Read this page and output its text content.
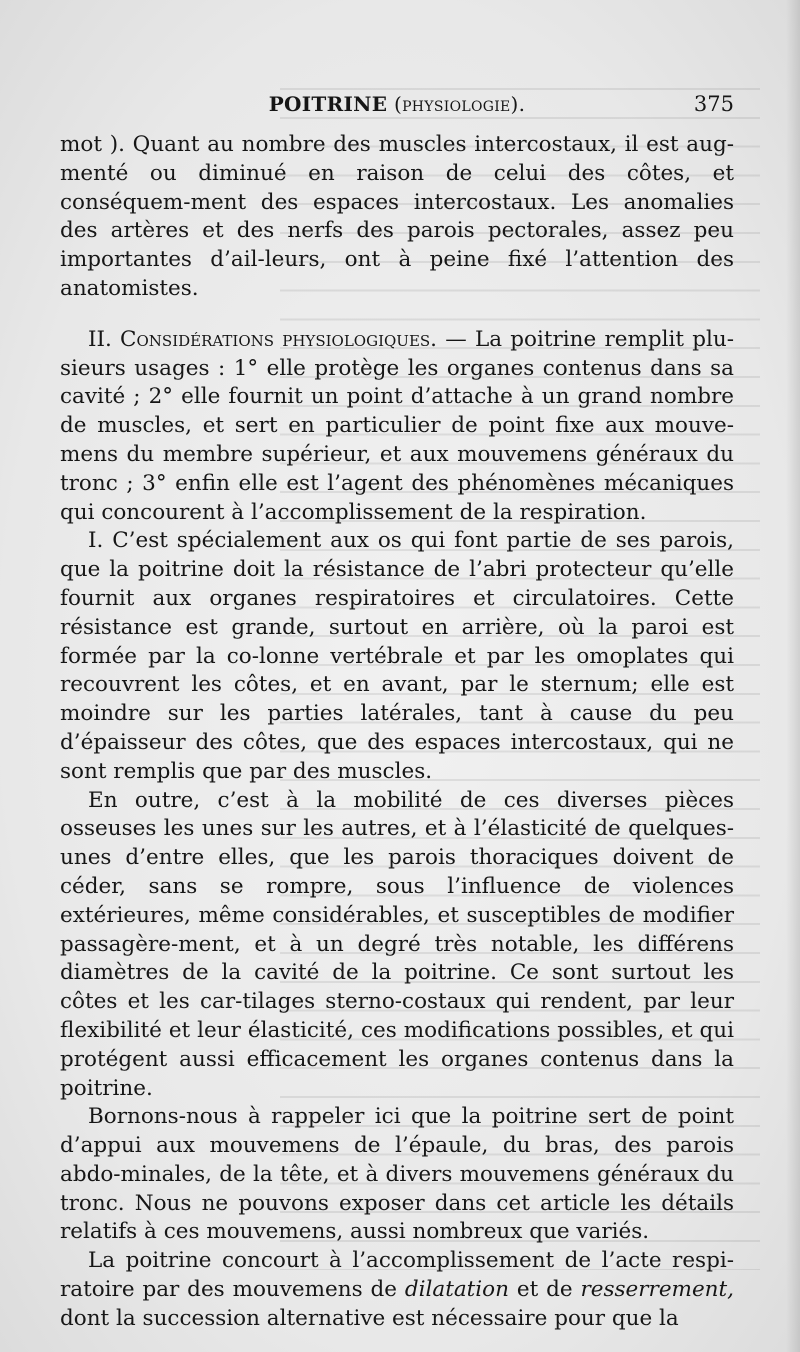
POITRINE (physiologie).	375

mot ). Quant au nombre des muscles intercostaux, il est aug-menté ou diminué en raison de celui des côtes, et conséquem-ment des espaces intercostaux. Les anomalies des artères et des nerfs des parois pectorales, assez peu importantes d’ail-leurs, ont à peine fixé l’attention des anatomistes.

II. Considérations physiologiques. — La poitrine remplit plu-sieurs usages : 1° elle protège les organes contenus dans sa cavité ; 2° elle fournit un point d’attache à un grand nombre de muscles, et sert en particulier de point fixe aux mouve-mens du membre supérieur, et aux mouvemens généraux du tronc ; 3° enfin elle est l’agent des phénomènes mécaniques qui concourent à l’accomplissement de la respiration.

I. C’est spécialement aux os qui font partie de ses parois, que la poitrine doit la résistance de l’abri protecteur qu’elle fournit aux organes respiratoires et circulatoires. Cette résistance est grande, surtout en arrière, où la paroi est formée par la co-lonne vertébrale et par les omoplates qui recouvrent les côtes, et en avant, par le sternum; elle est moindre sur les parties latérales, tant à cause du peu d’épaisseur des côtes, que des espaces intercostaux, qui ne sont remplis que par des muscles.

En outre, c’est à la mobilité de ces diverses pièces osseuses les unes sur les autres, et à l’élasticité de quelques-unes d’entre elles, que les parois thoraciques doivent de céder, sans se rompre, sous l’influence de violences extérieures, même considérables, et susceptibles de modifier passagère-ment, et à un degré très notable, les différens diamètres de la cavité de la poitrine. Ce sont surtout les côtes et les car-tilages sterno-costaux qui rendent, par leur flexibilité et leur élasticité, ces modifications possibles, et qui protégent aussi efficacement les organes contenus dans la poitrine.

Bornons-nous à rappeler ici que la poitrine sert de point d’appui aux mouvemens de l’épaule, du bras, des parois abdo-minales, de la tête, et à divers mouvemens généraux du tronc. Nous ne pouvons exposer dans cet article les détails relatifs à ces mouvemens, aussi nombreux que variés.

La poitrine concourt à l’accomplissement de l’acte respi-ratoire par des mouvemens de dilatation et de resserrement, dont la succession alternative est nécessaire pour que la
